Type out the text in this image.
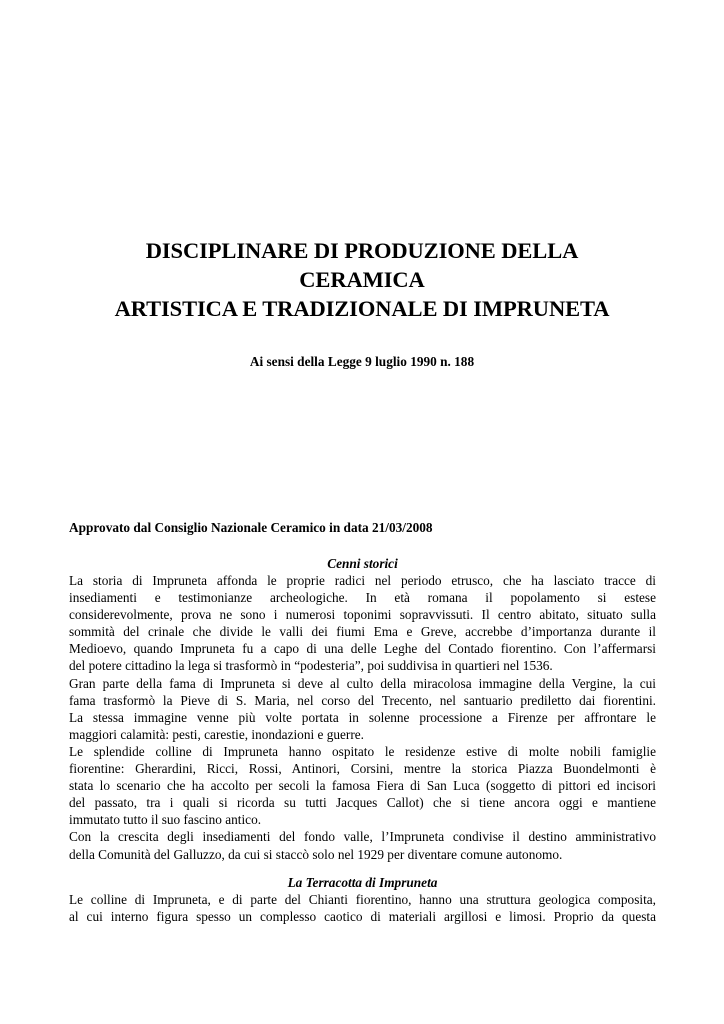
DISCIPLINARE DI PRODUZIONE DELLA
CERAMICA
ARTISTICA E TRADIZIONALE DI IMPRUNETA
Ai sensi della Legge 9 luglio 1990 n. 188
Approvato dal Consiglio Nazionale Ceramico in data 21/03/2008
Cenni storici
La storia di Impruneta affonda le proprie radici nel periodo etrusco, che ha lasciato tracce di
insediamenti e testimonianze archeologiche. In età romana il popolamento si estese
considerevolmente, prova ne sono i numerosi toponimi sopravvissuti. Il centro abitato, situato sulla
sommità del crinale che divide le valli dei fiumi Ema e Greve, accrebbe d’importanza durante il
Medioevo, quando Impruneta fu a capo di una delle Leghe del Contado fiorentino. Con l’affermarsi
del potere cittadino la lega si trasformò in “podesteria”, poi suddivisa in quartieri nel 1536.
Gran parte della fama di Impruneta si deve al culto della miracolosa immagine della Vergine, la cui
fama trasformò la Pieve di S. Maria, nel corso del Trecento, nel santuario prediletto dai fiorentini.
La stessa immagine venne più volte portata in solenne processione a Firenze per affrontare le
maggiori calamità: pesti, carestie, inondazioni e guerre.
Le splendide colline di Impruneta hanno ospitato le residenze estive di molte nobili famiglie
fiorentine: Gherardini, Ricci, Rossi, Antinori, Corsini, mentre la storica Piazza Buondelmonti è
stata lo scenario che ha accolto per secoli la famosa Fiera di San Luca (soggetto di pittori ed incisori
del passato, tra i quali si ricorda su tutti Jacques Callot) che si tiene ancora oggi e mantiene
immutato tutto il suo fascino antico.
Con la crescita degli insediamenti del fondo valle, l’Impruneta condivise il destino amministrativo
della Comunità del Galluzzo, da cui si staccò solo nel 1929 per diventare comune autonomo.
La Terracotta di Impruneta
Le colline di Impruneta, e di parte del Chianti fiorentino, hanno una struttura geologica composita,
al cui interno figura spesso un complesso caotico di materiali argillosi e limosi. Proprio da questa
